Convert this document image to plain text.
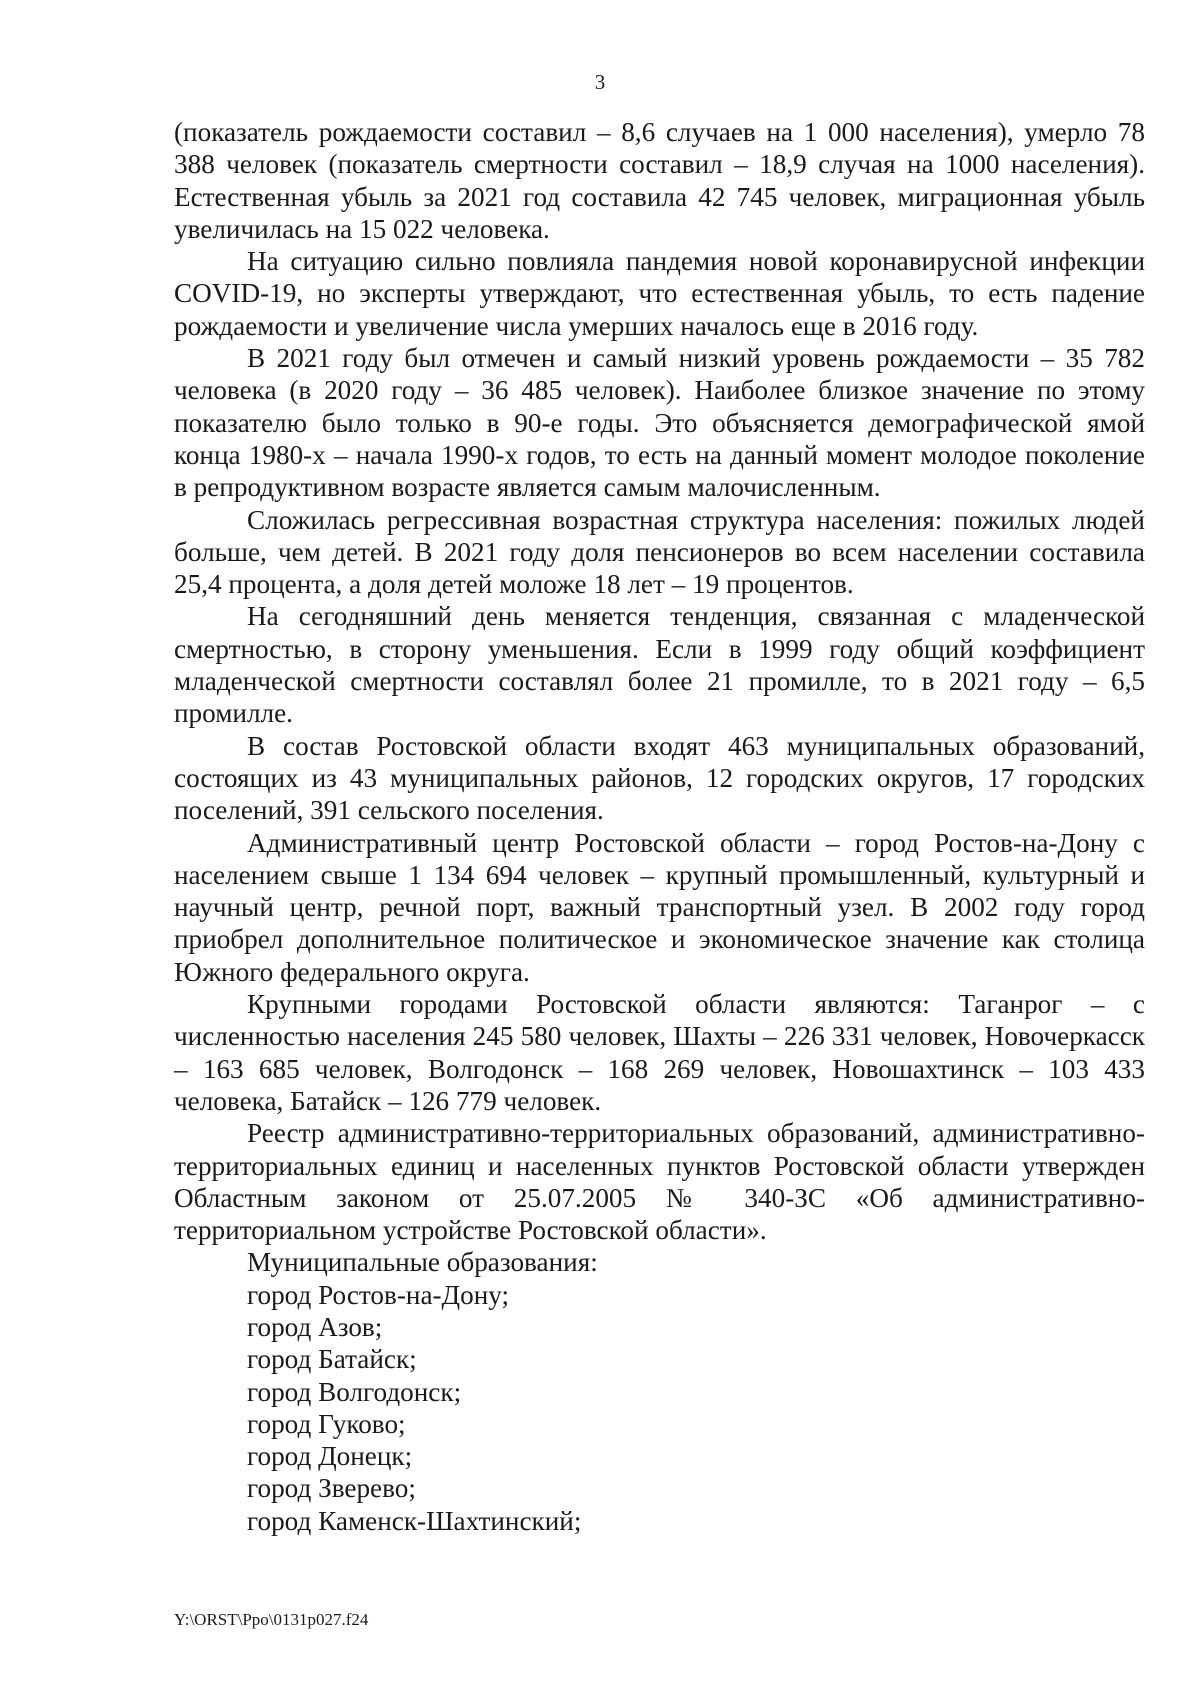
3

(показатель рождаемости составил – 8,6 случаев на 1 000 населения), умерло 78 388 человек (показатель смертности составил – 18,9 случая на 1000 населения). Естественная убыль за 2021 год составила 42 745 человек, миграционная убыль увеличилась на 15 022 человека.

На ситуацию сильно повлияла пандемия новой коронавирусной инфекции COVID-19, но эксперты утверждают, что естественная убыль, то есть падение рождаемости и увеличение числа умерших началось еще в 2016 году.

В 2021 году был отмечен и самый низкий уровень рождаемости – 35 782 человека (в 2020 году – 36 485 человек). Наиболее близкое значение по этому показателю было только в 90-е годы. Это объясняется демографической ямой конца 1980-х – начала 1990-х годов, то есть на данный момент молодое поколение в репродуктивном возрасте является самым малочисленным.

Сложилась регрессивная возрастная структура населения: пожилых людей больше, чем детей. В 2021 году доля пенсионеров во всем населении составила 25,4 процента, а доля детей моложе 18 лет – 19 процентов.

На сегодняшний день меняется тенденция, связанная с младенческой смертностью, в сторону уменьшения. Если в 1999 году общий коэффициент младенческой смертности составлял более 21 промилле, то в 2021 году – 6,5 промилле.

В состав Ростовской области входят 463 муниципальных образований, состоящих из 43 муниципальных районов, 12 городских округов, 17 городских поселений, 391 сельского поселения.

Административный центр Ростовской области – город Ростов-на-Дону с населением свыше 1 134 694 человек – крупный промышленный, культурный и научный центр, речной порт, важный транспортный узел. В 2002 году город приобрел дополнительное политическое и экономическое значение как столица Южного федерального округа.

Крупными городами Ростовской области являются: Таганрог – с численностью населения 245 580 человек, Шахты – 226 331 человек, Новочеркасск – 163 685 человек, Волгодонск – 168 269 человек, Новошахтинск – 103 433 человека, Батайск – 126 779 человек.

Реестр административно-территориальных образований, административно-территориальных единиц и населенных пунктов Ростовской области утвержден Областным законом от 25.07.2005 № 340-ЗС «Об административно-территориальном устройстве Ростовской области».

Муниципальные образования:
город Ростов-на-Дону;
город Азов;
город Батайск;
город Волгодонск;
город Гуково;
город Донецк;
город Зверево;
город Каменск-Шахтинский;
Y:\ORST\Ppo\0131p027.f24
